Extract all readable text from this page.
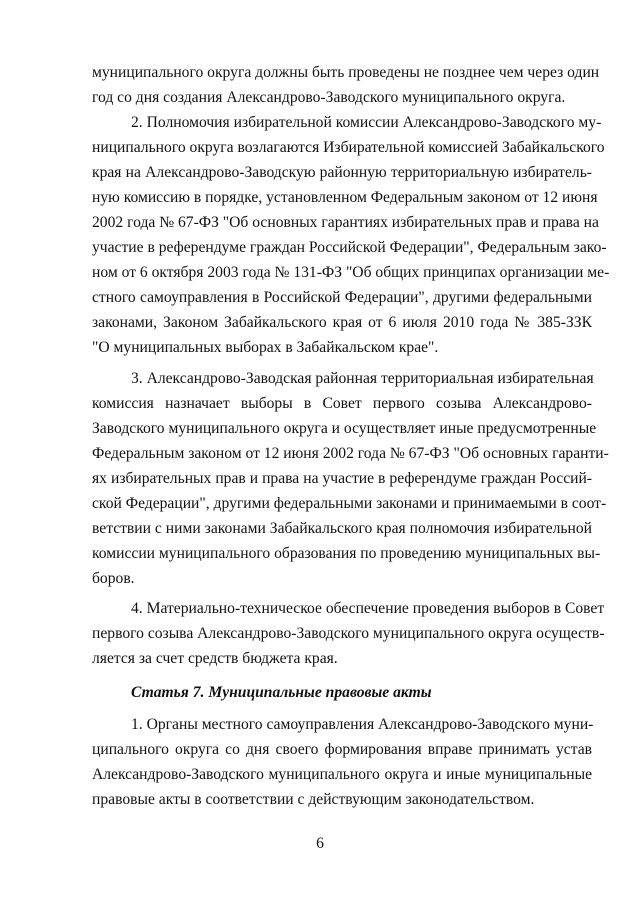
муниципального округа должны быть проведены не позднее чем через один
год со дня создания Александрово-Заводского муниципального округа.
2. Полномочия избирательной комиссии Александрово-Заводского му-
ниципального округа возлагаются Избирательной комиссией Забайкальского
края на Александрово-Заводскую районную территориальную избиратель-
ную комиссию в порядке, установленном Федеральным законом от 12 июня
2002 года № 67-ФЗ "Об основных гарантиях избирательных прав и права на
участие в референдуме граждан Российской Федерации", Федеральным зако-
ном от 6 октября 2003 года № 131-ФЗ "Об общих принципах организации ме-
стного самоуправления в Российской Федерации", другими федеральными
законами, Законом Забайкальского края от 6 июля 2010 года № 385-ЗЗК
"О муниципальных выборах в Забайкальском крае".
3. Александрово-Заводская районная территориальная избирательная
комиссия назначает выборы в Совет первого созыва Александрово-
Заводского муниципального округа и осуществляет иные предусмотренные
Федеральным законом от 12 июня 2002 года № 67-ФЗ "Об основных гаранти-
ях избирательных прав и права на участие в референдуме граждан Россий-
ской Федерации", другими федеральными законами и принимаемыми в соот-
ветствии с ними законами Забайкальского края полномочия избирательной
комиссии муниципального образования по проведению муниципальных вы-
боров.
4. Материально-техническое обеспечение проведения выборов в Совет
первого созыва Александрово-Заводского муниципального округа осуществ-
ляется за счет средств бюджета края.
Статья 7. Муниципальные правовые акты
1. Органы местного самоуправления Александрово-Заводского муни-
ципального округа со дня своего формирования вправе принимать устав
Александрово-Заводского муниципального округа и иные муниципальные
правовые акты в соответствии с действующим законодательством.
6
